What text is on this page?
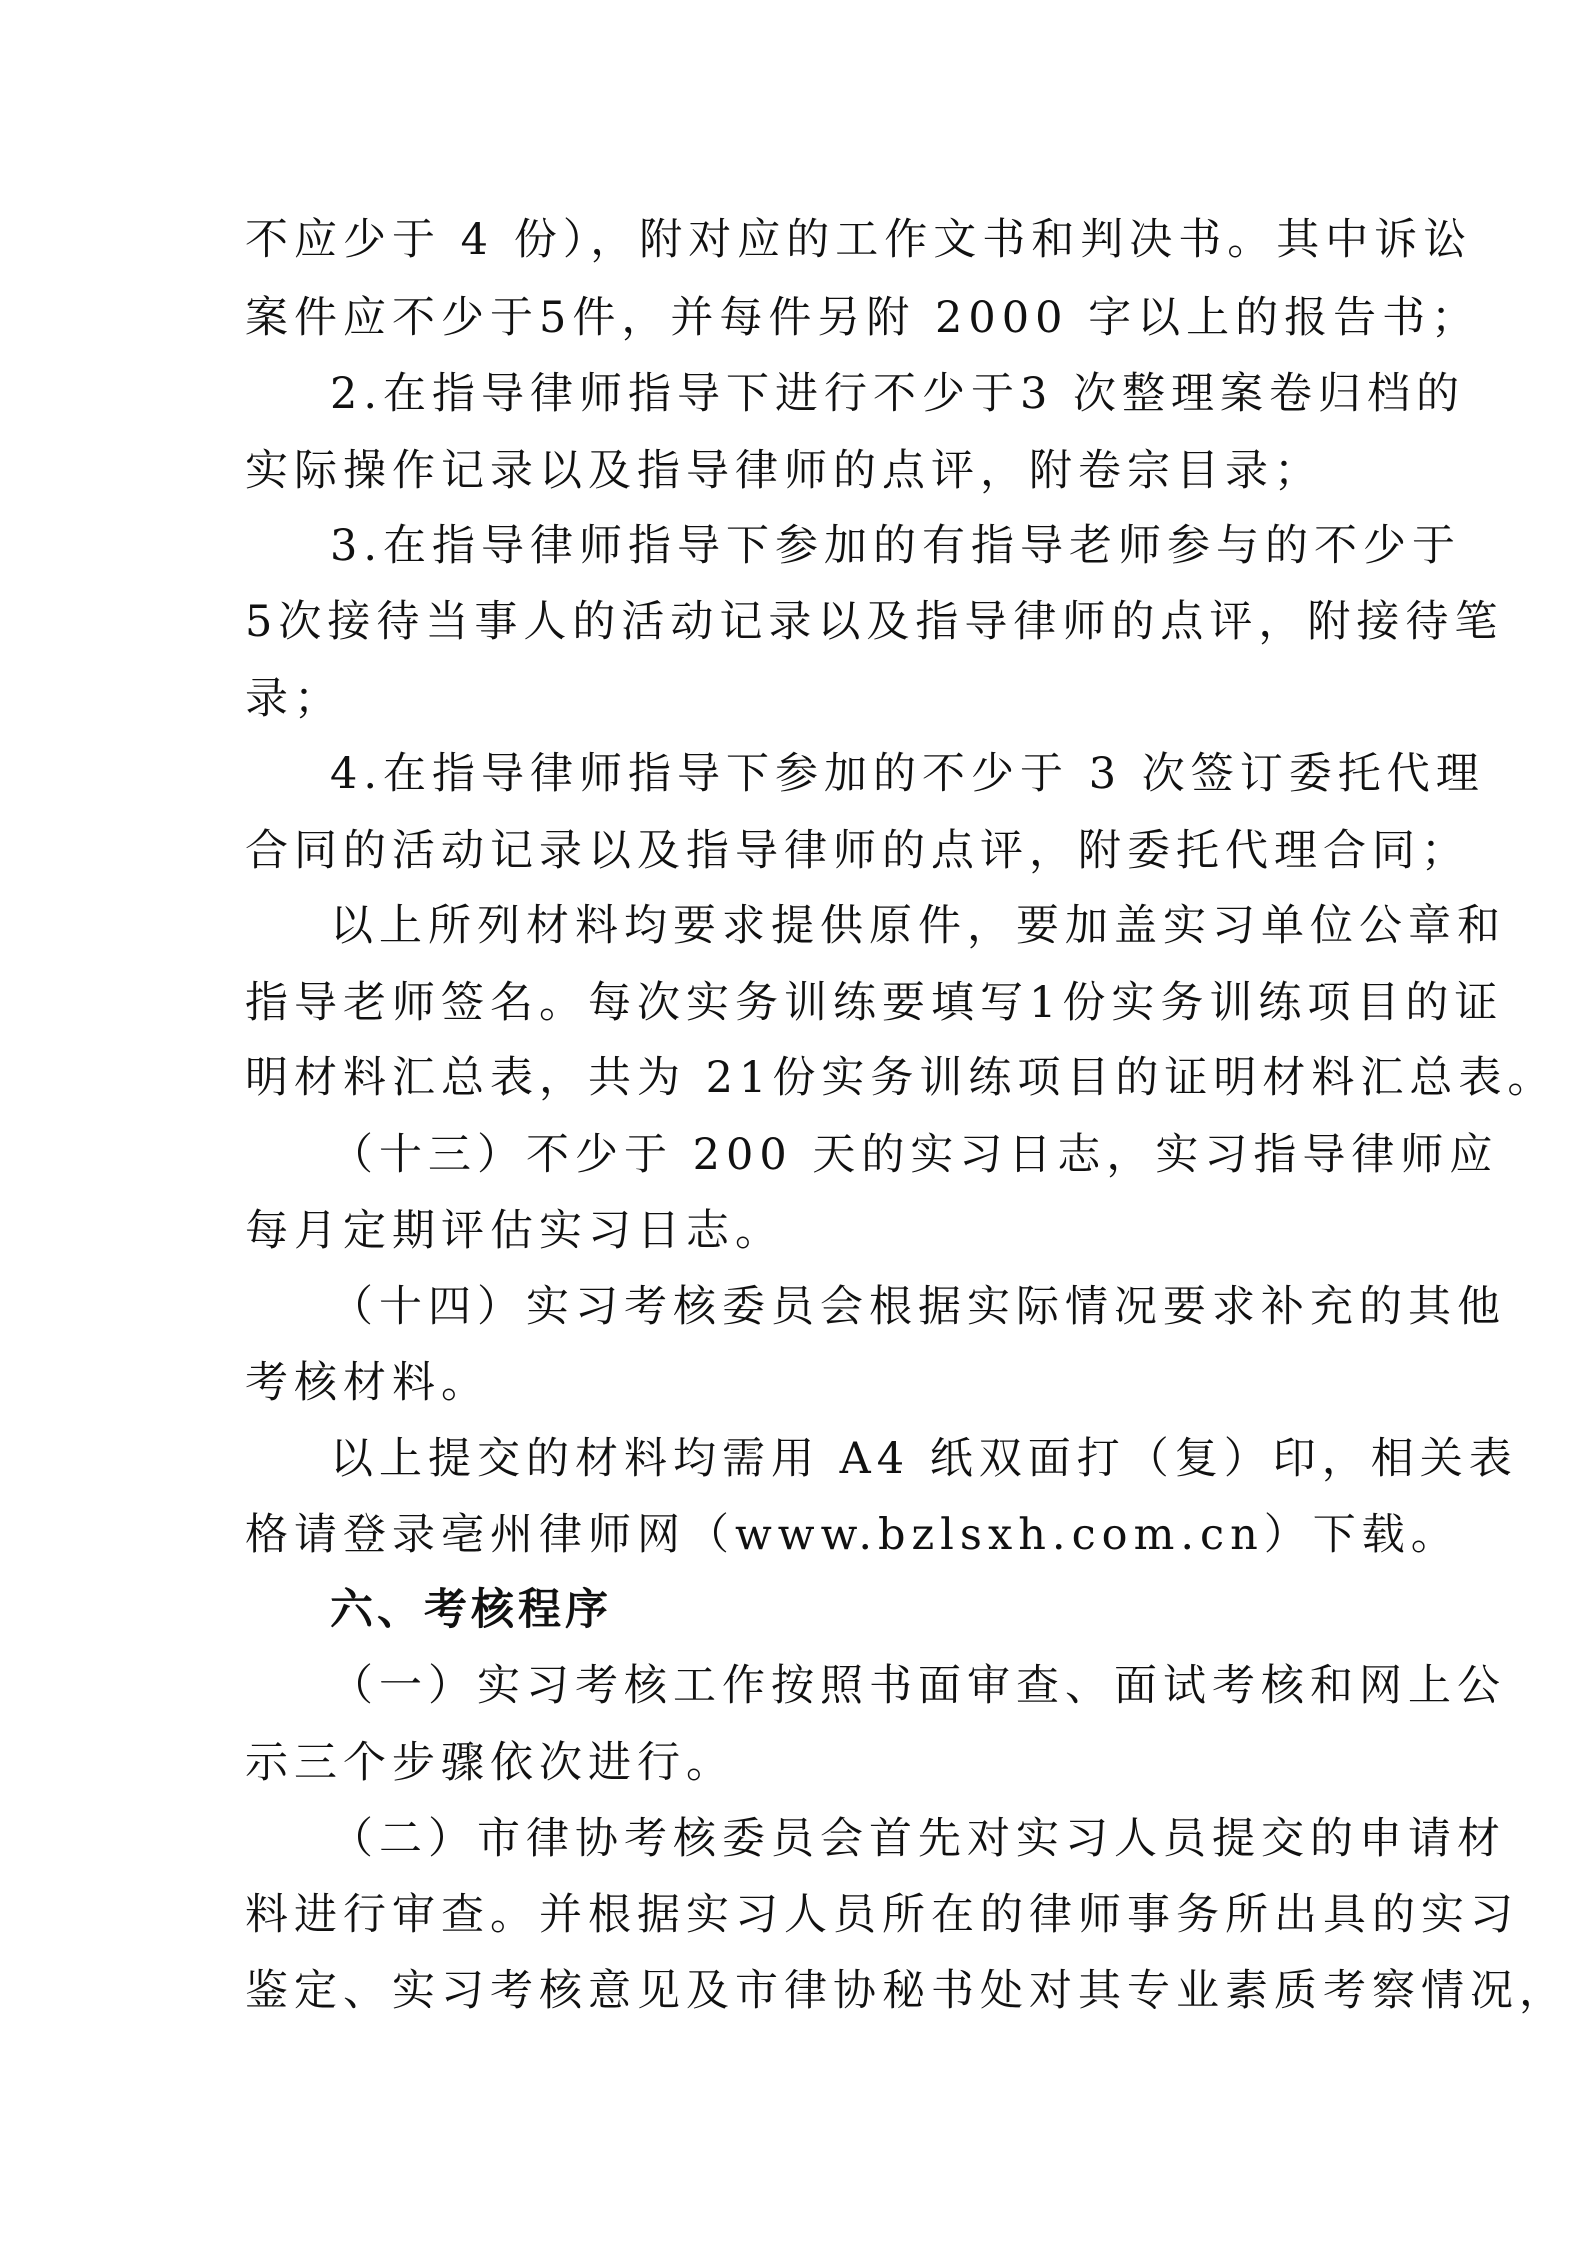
不应少于 4 份），附对应的工作文书和判决书。其中诉讼
案件应不少于5件，并每件另附 2000 字以上的报告书；
2.在指导律师指导下进行不少于3 次整理案卷归档的
实际操作记录以及指导律师的点评，附卷宗目录；
3.在指导律师指导下参加的有指导老师参与的不少于
5次接待当事人的活动记录以及指导律师的点评，附接待笔
录；
4.在指导律师指导下参加的不少于 3 次签订委托代理
合同的活动记录以及指导律师的点评，附委托代理合同；
以上所列材料均要求提供原件，要加盖实习单位公章和
指导老师签名。每次实务训练要填写1份实务训练项目的证
明材料汇总表，共为 21份实务训练项目的证明材料汇总表。
（十三）不少于 200 天的实习日志，实习指导律师应
每月定期评估实习日志。
（十四）实习考核委员会根据实际情况要求补充的其他
考核材料。
以上提交的材料均需用 A4 纸双面打（复）印，相关表
格请登录亳州律师网（www.bzlsxh.com.cn）下载。
六、考核程序
（一）实习考核工作按照书面审查、面试考核和网上公
示三个步骤依次进行。
（二）市律协考核委员会首先对实习人员提交的申请材
料进行审查。并根据实习人员所在的律师事务所出具的实习
鉴定、实习考核意见及市律协秘书处对其专业素质考察情况，
